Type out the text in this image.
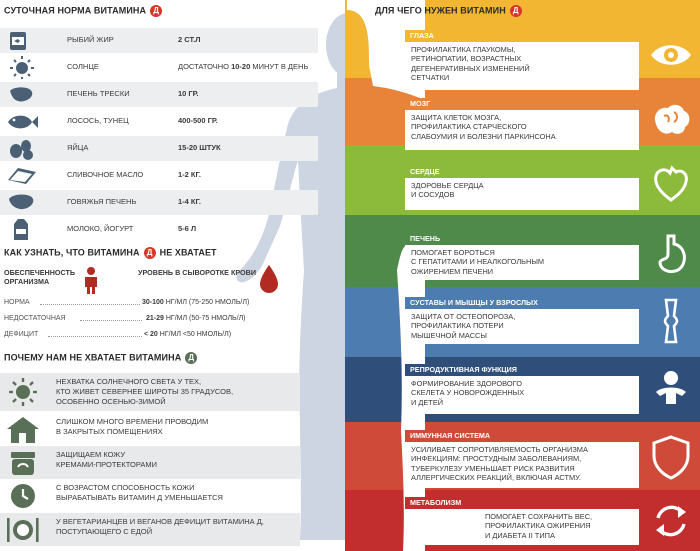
СУТОЧНАЯ НОРМА ВИТАМИНА Д
РЫБИЙ ЖИР	2 СТ.Л
СОЛНЦЕ	ДОСТАТОЧНО 10-20 МИНУТ В ДЕНЬ
ПЕЧЕНЬ ТРЕСКИ	10 ГР.
ЛОСОСЬ, ТУНЕЦ	400-500 ГР.
ЯЙЦА	15-20 ШТУК
СЛИВОЧНОЕ МАСЛО	1-2 КГ.
ГОВЯЖЬЯ ПЕЧЕНЬ	1-4 КГ.
МОЛОКО, ЙОГУРТ	5-6 Л
КАК УЗНАТЬ, ЧТО ВИТАМИНА Д НЕ ХВАТАЕТ
ОБЕСПЕЧЕННОСТЬ ОРГАНИЗМА
УРОВЕНЬ В СЫВОРОТКЕ КРОВИ
НОРМА	30-100 НГ/МЛ (75-250 НМОЛЬ/Л)
НЕДОСТАТОЧНАЯ	21-29 НГ/МЛ (50-75 НМОЛЬ/Л)
ДЕФИЦИТ	< 20 НГ/МЛ <50 НМОЛЬ/Л)
ПОЧЕМУ НАМ НЕ ХВАТАЕТ ВИТАМИНА Д
НЕХВАТКА СОЛНЕЧНОГО СВЕТА У ТЕХ,
КТО ЖИВЕТ СЕВЕРНЕЕ ШИРОТЫ 35 ГРАДУСОВ,
ОСОБЕННО ОСЕНЬЮ-ЗИМОЙ
СЛИШКОМ МНОГО ВРЕМЕНИ ПРОВОДИМ
В ЗАКРЫТЫХ ПОМЕЩЕНИЯХ
ЗАЩИЩАЕМ КОЖУ
КРЕМАМИ-ПРОТЕКТОРАМИ
С ВОЗРАСТОМ СПОСОБНОСТЬ КОЖИ
ВЫРАБАТЫВАТЬ ВИТАМИН Д УМЕНЬШАЕТСЯ
У ВЕГЕТАРИАНЦЕВ И ВЕГАНОВ ДЕФИЦИТ ВИТАМИНА Д,
ПОСТУПАЮЩЕГО С ЕДОЙ
ДЛЯ ЧЕГО НУЖЕН ВИТАМИН Д
ГЛАЗА
ПРОФИЛАКТИКА ГЛАУКОМЫ,
РЕТИНОПАТИИ, ВОЗРАСТНЫХ
ДЕГЕНЕРАТИВНЫХ ИЗМЕНЕНИЙ
СЕТЧАТКИ
МОЗГ
ЗАЩИТА КЛЕТОК МОЗГА,
ПРОФИЛАКТИКА СТАРЧЕСКОГО
СЛАБОУМИЯ И БОЛЕЗНИ ПАРКИНСОНА
СЕРДЦЕ
ЗДОРОВЬЕ СЕРДЦА
И СОСУДОВ
ПЕЧЕНЬ
ПОМОГАЕТ БОРОТЬСЯ
С ГЕПАТИТАМИ И НЕАЛКОГОЛЬНЫМ
ОЖИРЕНИЕМ ПЕЧЕНИ
СУСТАВЫ И МЫШЦЫ У ВЗРОСЛЫХ
ЗАЩИТА ОТ ОСТЕОПОРОЗА,
ПРОФИЛАКТИКА ПОТЕРИ
МЫШЕЧНОЙ МАССЫ
РЕПРОДУКТИВНАЯ ФУНКЦИЯ
ФОРМИРОВАНИЕ ЗДОРОВОГО
СКЕЛЕТА У НОВОРОЖДЕННЫХ
И ДЕТЕЙ
ИММУННАЯ СИСТЕМА
УСИЛИВАЕТ СОПРОТИВЛЯЕМОСТЬ ОРГАНИЗМА
ИНФЕКЦИЯМ: ПРОСТУДНЫМ ЗАБОЛЕВАНИЯМ,
ТУБЕРКУЛЕЗУ УМЕНЬШАЕТ РИСК РАЗВИТИЯ
АЛЛЕРГИЧЕСКИХ РЕАКЦИЙ, ВКЛЮЧАЯ АСТМУ.
МЕТАБОЛИЗМ
ПОМОГАЕТ СОХРАНИТЬ ВЕС,
ПРОФИЛАКТИКА ОЖИРЕНИЯ
И ДИАБЕТА II ТИПА
